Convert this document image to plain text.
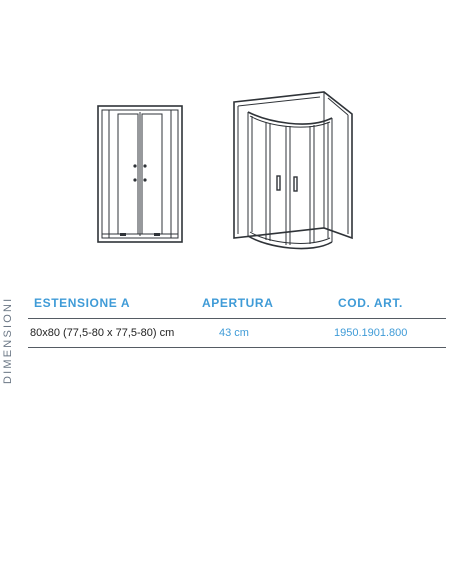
DIMENSIONI ESTENSIONE A	APERTURA	COD. ART.
80x80 (77,5-80 x 77,5-80) cm	43 cm	1950.1901.800
